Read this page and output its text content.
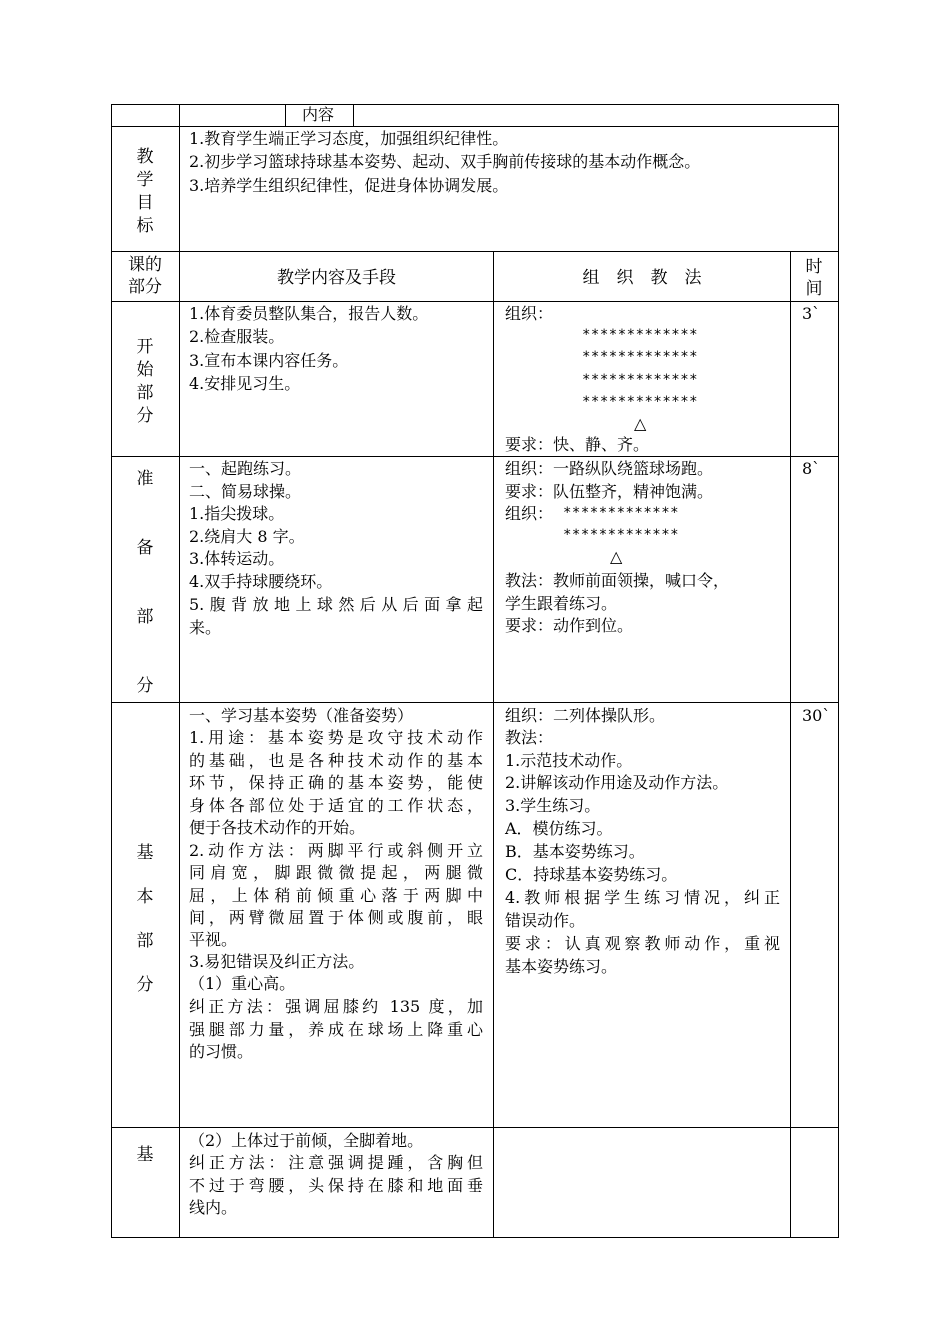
内容
教
学
目
标
1.教育学生端正学习态度，加强组织纪律性。
2.初步学习篮球持球基本姿势、起动、双手胸前传接球的基本动作概念。
3.培养学生组织纪律性，促进身体协调发展。
课的
部分	教学内容及手段	组　织　教　法
时
间
开
始
部
分
1.体育委员整队集合，报告人数。
2.检查服装。
3.宣布本课内容任务。
4.安排见习生。
组织：
*************
*************
*************
*************
△
要求：快、静、齐。
3`
准
备
部
分
一、起跑练习。
二、简易球操。
1.指尖拨球。
2.绕肩大 8 字。
3.体转运动。
4.双手持球腰绕环。
5.腹背放地上球然后从后面拿起
来。
组织：一路纵队绕篮球场跑。
要求：队伍整齐，精神饱满。
组织： *************
*************
△
教法：教师前面领操，喊口令，
学生跟着练习。
要求：动作到位。
8`
基
本
部
分
一、学习基本姿势（准备姿势）
1.用途：基本姿势是攻守技术动作
的基础，也是各种技术动作的基本
环节，保持正确的基本姿势，能使
身体各部位处于适宜的工作状态，
便于各技术动作的开始。
2.动作方法：两脚平行或斜侧开立
同肩宽，脚跟微微提起，两腿微
屈，上体稍前倾重心落于两脚中
间，两臂微屈置于体侧或腹前，眼
平视。
3.易犯错误及纠正方法。
（1）重心高。
纠正方法：强调屈膝约 135 度，加
强腿部力量，养成在球场上降重心
的习惯。
组织：二列体操队形。
教法：
1.示范技术动作。
2.讲解该动作用途及动作方法。
3.学生练习。
A．模仿练习。
B．基本姿势练习。
C．持球基本姿势练习。
4.教师根据学生练习情况，纠正
错误动作。
要求：认真观察教师动作，重视
基本姿势练习。
30`
基
（2）上体过于前倾，全脚着地。
纠正方法：注意强调提踵，含胸但
不过于弯腰，头保持在膝和地面垂
线内。
